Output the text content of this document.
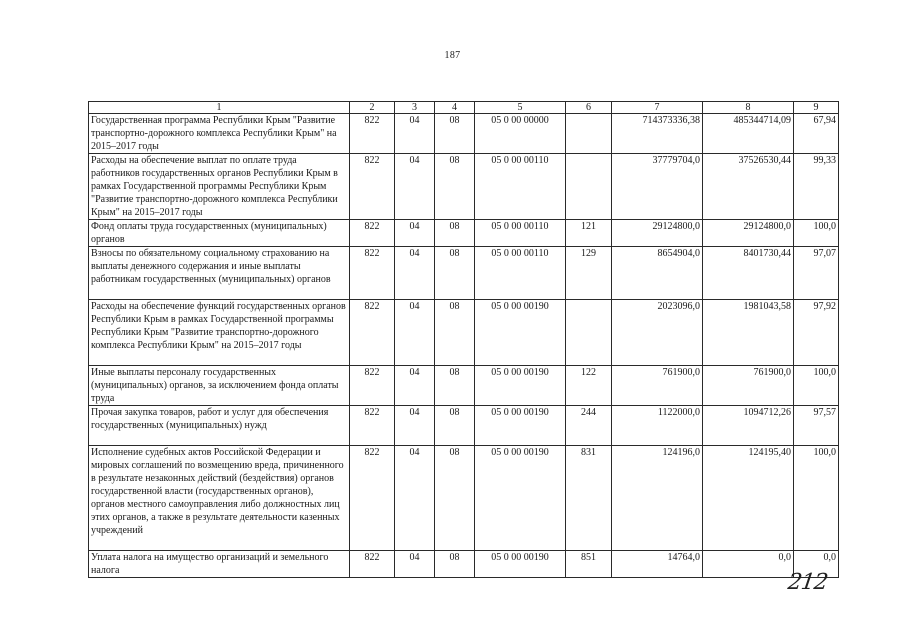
187
1	2	3	4	5	6	7	8	9
Государственная программа Республики Крым "Развитие транспортно-дорожного комплекса Республики Крым" на 2015–2017 годы	822	04	08	05 0 00 00000		714373336,38	485344714,09	67,94
Расходы на обеспечение выплат по оплате труда работников государственных органов Республики Крым в рамках Государственной программы Республики Крым "Развитие транспортно-дорожного комплекса Республики Крым" на 2015–2017 годы	822	04	08	05 0 00 00110		37779704,0	37526530,44	99,33
Фонд оплаты труда государственных (муниципальных) органов	822	04	08	05 0 00 00110	121	29124800,0	29124800,0	100,0
Взносы по обязательному социальному страхованию на выплаты денежного содержания и иные выплаты работникам государственных (муниципальных) органов	822	04	08	05 0 00 00110	129	8654904,0	8401730,44	97,07
Расходы на обеспечение функций государственных органов Республики Крым в рамках Государственной программы Республики Крым "Развитие транспортно-дорожного комплекса Республики Крым" на 2015–2017 годы	822	04	08	05 0 00 00190		2023096,0	1981043,58	97,92
Иные выплаты персоналу государственных (муниципальных) органов, за исключением фонда оплаты труда	822	04	08	05 0 00 00190	122	761900,0	761900,0	100,0
Прочая закупка товаров, работ и услуг для обеспечения государственных (муниципальных) нужд	822	04	08	05 0 00 00190	244	1122000,0	1094712,26	97,57
Исполнение судебных актов Российской Федерации и мировых соглашений по возмещению вреда, причиненного в результате незаконных действий (бездействия) органов государственной власти (государственных органов), органов местного самоуправления либо должностных лиц этих органов, а также в результате деятельности казенных учреждений	822	04	08	05 0 00 00190	831	124196,0	124195,40	100,0
Уплата налога на имущество организаций и земельного налога	822	04	08	05 0 00 00190	851	14764,0	0,0	0,0
212
